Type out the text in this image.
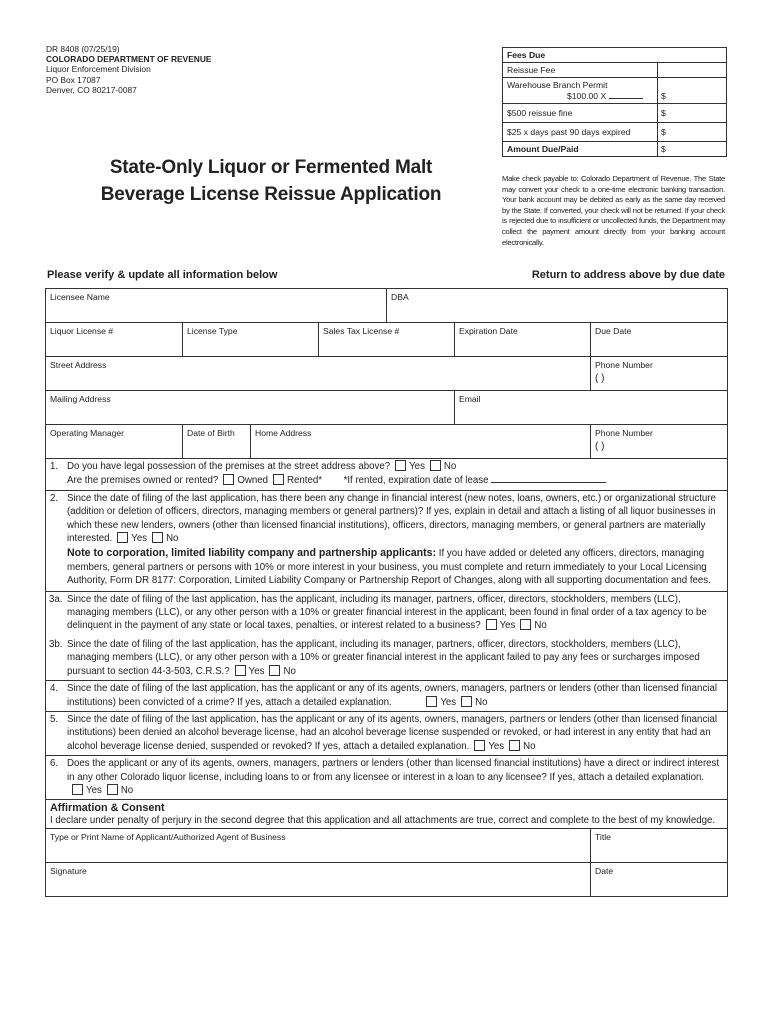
DR 8408 (07/25/19)
COLORADO DEPARTMENT OF REVENUE
Liquor Enforcement Division
PO Box 17087
Denver, CO 80217-0087
State-Only Liquor or Fermented Malt
Beverage License Reissue Application
Fees Due
Reissue Fee
Warehouse Branch Permit
$100.00 X	$
$500 reissue fine	$
$25 x days past 90 days expired	$
Amount Due/Paid	$
Make check payable to: Colorado Department of Revenue. The State may convert your check to a one-time electronic banking transaction. Your bank account may be debited as early as the same day received by the State. If converted, your check will not be returned. If your check is rejected due to insufficient or uncollected funds, the Department may collect the payment amount directly from your banking account electronically.
Please verify & update all information below	Return to address above by due date
Licensee Name	DBA
Liquor License #	License Type	Sales Tax License #	Expiration Date	Due Date
Street Address	Phone Number
( )
Mailing Address	Email
Operating Manager	Date of Birth	Home Address	Phone Number
( )
1. Do you have legal possession of the premises at the street address above? Yes No
Are the premises owned or rented? Owned Rented* *If rented, expiration date of lease
2. Since the date of filing of the last application, has there been any change in financial interest (new notes, loans, owners, etc.) or organizational structure (addition or deletion of officers, directors, managing members or general partners)? If yes, explain in detail and attach a listing of all liquor businesses in which these new lenders, owners (other than licensed financial institutions), officers, directors, managing members, or general partners are materially interested. Yes No
Note to corporation, limited liability company and partnership applicants: If you have added or deleted any officers, directors, managing members, general partners or persons with 10% or more interest in your business, you must complete and return immediately to your Local Licensing Authority, Form DR 8177: Corporation, Limited Liability Company or Partnership Report of Changes, along with all supporting documentation and fees.
3a. Since the date of filing of the last application, has the applicant, including its manager, partners, officer, directors, stockholders, members (LLC), managing members (LLC), or any other person with a 10% or greater financial interest in the applicant, been found in final order of a tax agency to be delinquent in the payment of any state or local taxes, penalties, or interest related to a business? Yes No
3b. Since the date of filing of the last application, has the applicant, including its manager, partners, officer, directors, stockholders, members (LLC), managing members (LLC), or any other person with a 10% or greater financial interest in the applicant failed to pay any fees or surcharges imposed pursuant to section 44-3-503, C.R.S.? Yes No
4. Since the date of filing of the last application, has the applicant or any of its agents, owners, managers, partners or lenders (other than licensed financial institutions) been convicted of a crime? If yes, attach a detailed explanation.	Yes No
5. Since the date of filing of the last application, has the applicant or any of its agents, owners, managers, partners or lenders (other than licensed financial institutions) been denied an alcohol beverage license, had an alcohol beverage license suspended or revoked, or had interest in any entity that had an alcohol beverage license denied, suspended or revoked? If yes, attach a detailed explanation. Yes No
6. Does the applicant or any of its agents, owners, managers, partners or lenders (other than licensed financial institutions) have a direct or indirect interest in any other Colorado liquor license, including loans to or from any licensee or interest in a loan to any licensee? If yes, attach a detailed explanation.     Yes No
Affirmation & Consent
I declare under penalty of perjury in the second degree that this application and all attachments are true, correct and complete to the best of my knowledge.
Type or Print Name of Applicant/Authorized Agent of Business	Title
Signature	Date
